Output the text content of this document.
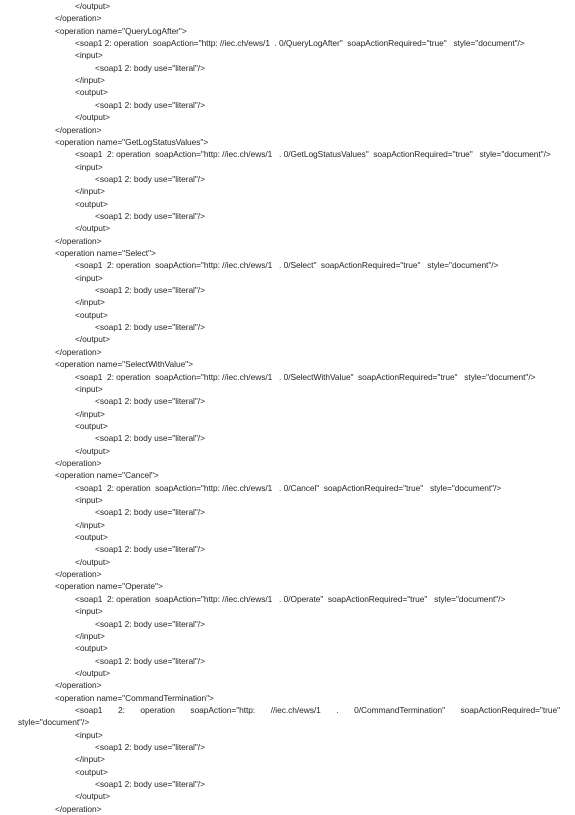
</output>
</operation>
<operation name="QueryLogAfter">
<soap1 2: operation  soapAction="http: //iec.ch/ews/1  . 0/QueryLogAfter"  soapActionRequired="true"   style="document"/>
<input>
<soap1 2: body use="literal"/>
</input>
<output>
<soap1 2: body use="literal"/>
</output>
</operation>
<operation name="GetLogStatusValues">
<soap1  2: operation  soapAction="http: //iec.ch/ews/1   . 0/GetLogStatusValues"  soapActionRequired="true"   style="document"/>
<input>
<soap1 2: body use="literal"/>
</input>
<output>
<soap1 2: body use="literal"/>
</output>
</operation>
<operation name="Select">
<soap1  2: operation  soapAction="http: //iec.ch/ews/1   . 0/Select"  soapActionRequired="true"   style="document"/>
<input>
<soap1 2: body use="literal"/>
</input>
<output>
<soap1 2: body use="literal"/>
</output>
</operation>
<operation name="SelectWithValue">
<soap1  2: operation  soapAction="http: //iec.ch/ews/1   . 0/SelectWithValue"  soapActionRequired="true"   style="document"/>
<input>
<soap1 2: body use="literal"/>
</input>
<output>
<soap1 2: body use="literal"/>
</output>
</operation>
<operation name="Cancel">
<soap1  2: operation  soapAction="http: //iec.ch/ews/1   . 0/Cancel"  soapActionRequired="true"   style="document"/>
<input>
<soap1 2: body use="literal"/>
</input>
<output>
<soap1 2: body use="literal"/>
</output>
</operation>
<operation name="Operate">
<soap1  2: operation  soapAction="http: //iec.ch/ews/1   . 0/Operate"  soapActionRequired="true"   style="document"/>
<input>
<soap1 2: body use="literal"/>
</input>
<output>
<soap1 2: body use="literal"/>
</output>
</operation>
<operation name="CommandTermination">
<soap1 2: operation soapAction="http: //iec.ch/ews/1 . 0/CommandTermination" soapActionRequired="true"
style="document"/>
<input>
<soap1 2: body use="literal"/>
</input>
<output>
<soap1 2: body use="literal"/>
</output>
</operation>
